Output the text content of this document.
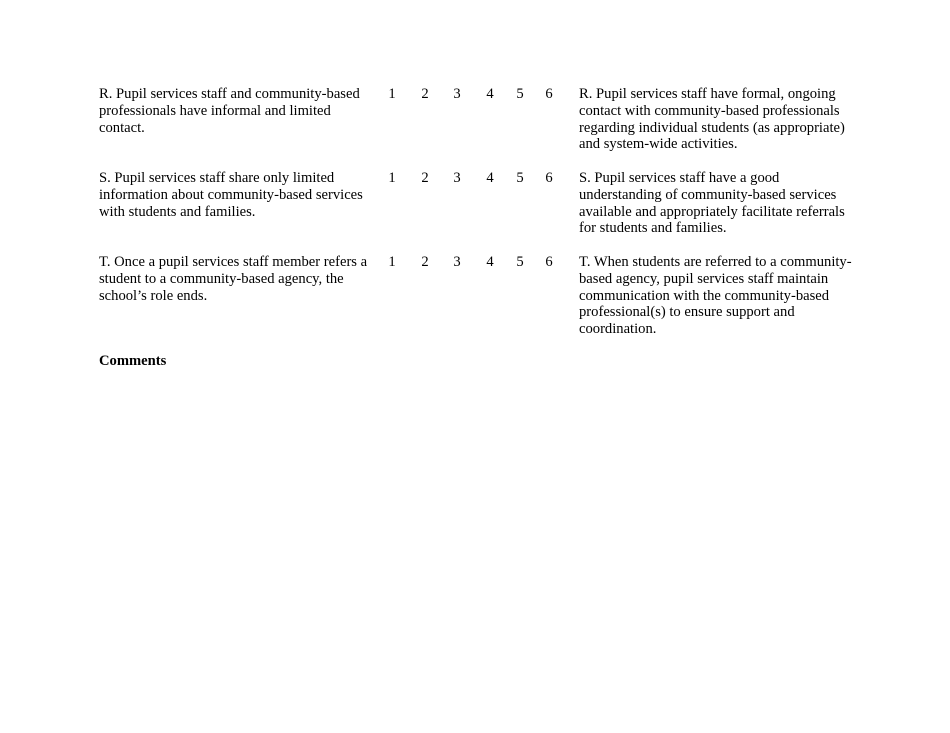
R. Pupil services staff and community-based
professionals have informal and limited
contact.
1 2 3 4 5 6 R. Pupil services staff have formal, ongoing
contact with community-based professionals
regarding individual students (as appropriate)
and system-wide activities.
S. Pupil services staff share only limited
information about community-based services
with students and families.
1 2 3 4 5 6 S. Pupil services staff have a good
understanding of community-based services
available and appropriately facilitate referrals
for students and families.
T. Once a pupil services staff member refers a
student to a community-based agency, the
school’s role ends.
1 2 3 4 5 6 T. When students are referred to a community-
based agency, pupil services staff maintain
communication with the community-based
professional(s) to ensure support and
coordination.
Comments
